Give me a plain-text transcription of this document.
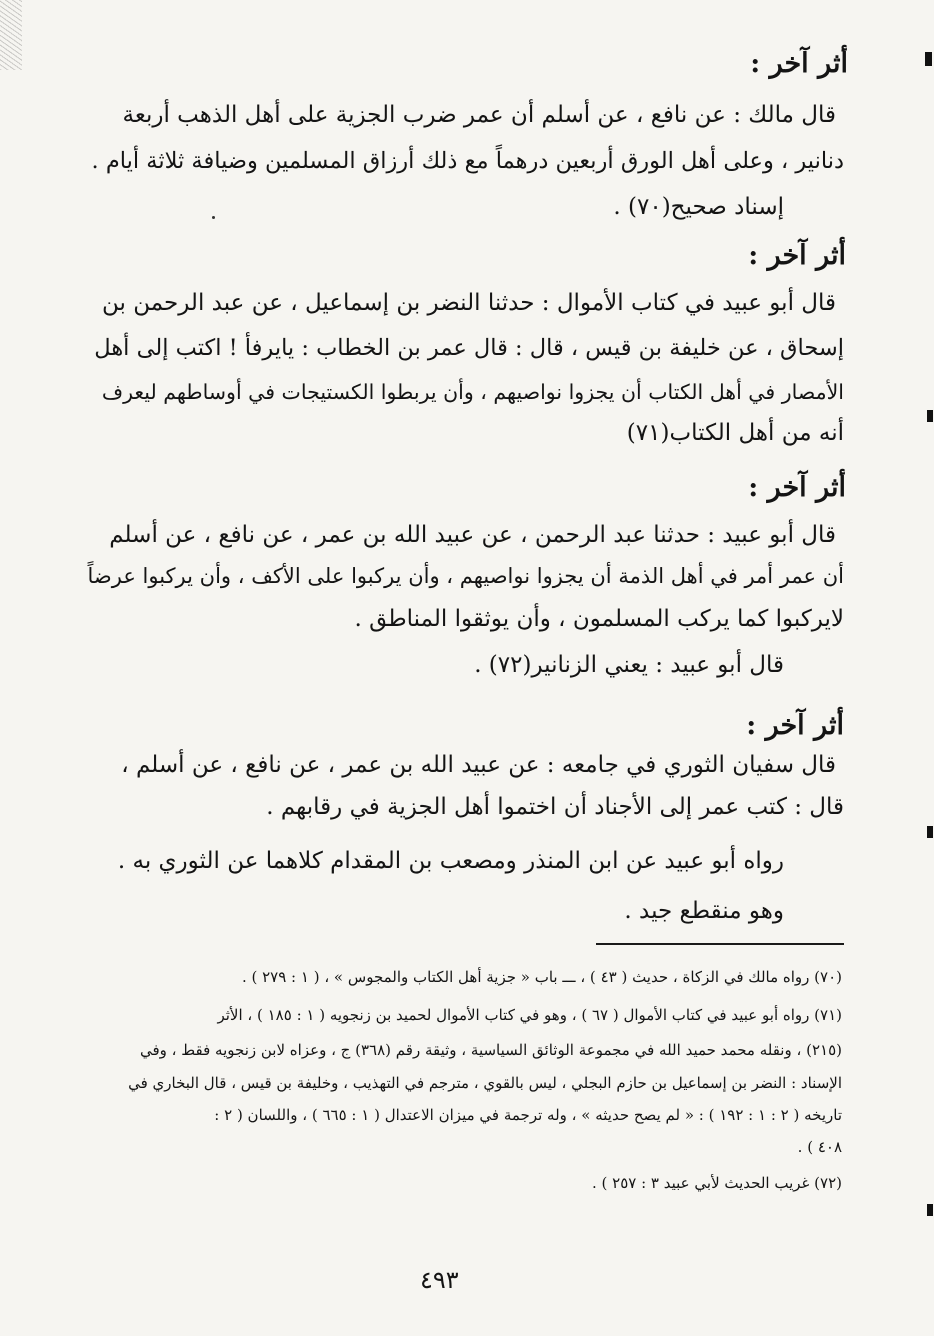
أثر آخر :
قال مالك : عن نافع ، عن أسلم أن عمر ضرب الجزية على أهل الذهب أربعة
دنانير ، وعلى أهل الورق أربعين درهماً مع ذلك أرزاق المسلمين وضيافة ثلاثة أيام .
إسناد صحيح(٧٠) .
أثر آخر :
قال أبو عبيد في كتاب الأموال : حدثنا النضر بن إسماعيل ، عن عبد الرحمن بن
إسحاق ، عن خليفة بن قيس ، قال : قال عمر بن الخطاب : يايرفأ ! اكتب إلى أهل
الأمصار في أهل الكتاب أن يجزوا نواصيهم ، وأن يربطوا الكستيجات في أوساطهم ليعرف
أنه من أهل الكتاب(٧١)
أثر آخر :
قال أبو عبيد : حدثنا عبد الرحمن ، عن عبيد الله بن عمر ، عن نافع ، عن أسلم
أن عمر أمر في أهل الذمة أن يجزوا نواصيهم ، وأن يركبوا على الأكف ، وأن يركبوا عرضاً
لايركبوا كما يركب المسلمون ، وأن يوثقوا المناطق .
قال أبو عبيد : يعني الزنانير(٧٢) .
أثر آخر :
قال سفيان الثوري في جامعه : عن عبيد الله بن عمر ، عن نافع ، عن أسلم ،
قال : كتب عمر إلى الأجناد أن اختموا أهل الجزية في رقابهم .
رواه أبو عبيد عن ابن المنذر ومصعب بن المقدام كلاهما عن الثوري به .
وهو منقطع جيد .
(٧٠) رواه مالك في الزكاة ، حديث ( ٤٣ ) ، ـــ باب « جزية أهل الكتاب والمجوس » ، ( ١ : ٢٧٩ ) .
(٧١) رواه أبو عبيد في كتاب الأموال ( ٦٧ ) ، وهو في كتاب الأموال لحميد بن زنجويه ( ١ : ١٨٥ ) ، الأثر
(٢١٥) ، ونقله محمد حميد الله في مجموعة الوثائق السياسية ، وثيقة رقم (٣٦٨) ج ، وعزاه لابن زنجويه فقط ، وفي
الإسناد : النضر بن إسماعيل بن حازم البجلي ، ليس بالقوي ، مترجم في التهذيب ، وخليفة بن قيس ، قال البخاري في
تاريخه ( ٢ : ١ : ١٩٢ ) : « لم يصح حديثه » ، وله ترجمة في ميزان الاعتدال ( ١ : ٦٦٥ ) ، واللسان ( ٢ :
٤٠٨ ) .
(٧٢) غريب الحديث لأبي عبيد ٣ : ٢٥٧ ) .
٤٩٣
